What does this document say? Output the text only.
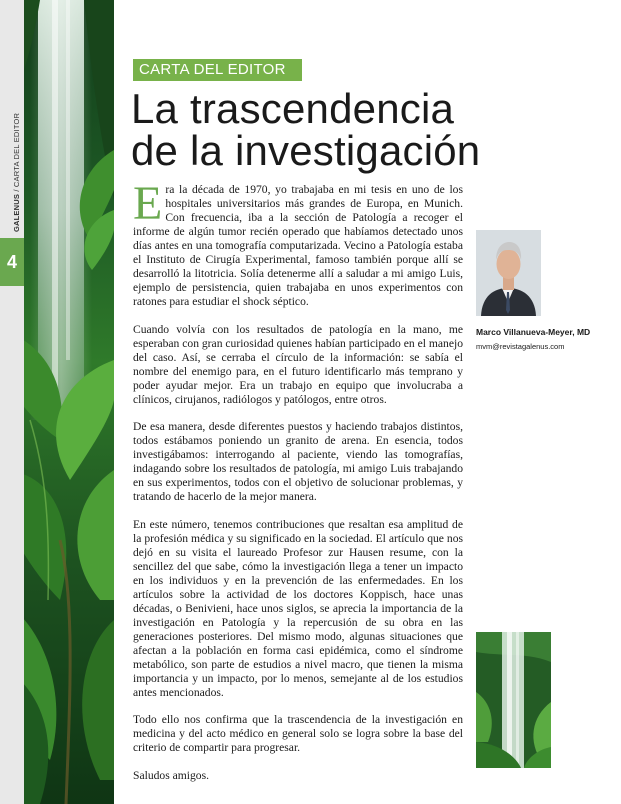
4
GALENUS / CARTA DEL EDITOR
CARTA DEL EDITOR
La trascendencia
de la investigación

Era la década de 1970, yo trabajaba en mi tesis en uno de los hospitales universitarios más grandes de Europa, en Munich. Con frecuencia, iba a la sección de Patología a recoger el informe de algún tumor recién operado que habíamos detectado unos días antes en una tomografía computarizada. Vecino a Patología estaba el Instituto de Cirugía Experimental, famoso también porque allí se desarrolló la litotricia. Solía detenerme allí a saludar a mi amigo Luis, ejemplo de persistencia, quien trabajaba en unos experimentos con ratones para estudiar el shock séptico.

Cuando volvía con los resultados de patología en la mano, me esperaban con gran curiosidad quienes habían participado en el manejo del caso. Así, se cerraba el círculo de la información: se sabía el nombre del enemigo para, en el futuro identificarlo más temprano y poder ayudar mejor. Era un trabajo en equipo que involucraba a clínicos, cirujanos, radiólogos y patólogos, entre otros.

De esa manera, desde diferentes puestos y haciendo trabajos distintos, todos estábamos poniendo un granito de arena. En esencia, todos investigábamos: interrogando al paciente, viendo las tomografías, indagando sobre los resultados de patología, mi amigo Luis trabajando en sus experimentos, todos con el objetivo de solucionar problemas, y tratando de hacerlo de la mejor manera.

En este número, tenemos contribuciones que resaltan esa amplitud de la profesión médica y su significado en la sociedad. El artículo que nos dejó en su visita el laureado Profesor zur Hausen resume, con la sencillez del que sabe, cómo la investigación llega a tener un impacto en los individuos y en la prevención de las enfermedades. En los artículos sobre la actividad de los doctores Koppisch, hace unas décadas, o Benivieni, hace unos siglos, se aprecia la importancia de la investigación en Patología y la repercusión de su obra en las generaciones posteriores. Del mismo modo, algunas situaciones que afectan a la población en forma casi epidémica, como el síndrome metabólico, son parte de estudios a nivel macro, que tienen la misma importancia y un impacto, por lo menos, semejante al de los estudios antes mencionados.

Todo ello nos confirma que la trascendencia de la investigación en medicina y del acto médico en general solo se logra sobre la base del criterio de compartir para progresar.

Saludos amigos.

Marco Villanueva-Meyer, MD
mvm@revistagalenus.com
